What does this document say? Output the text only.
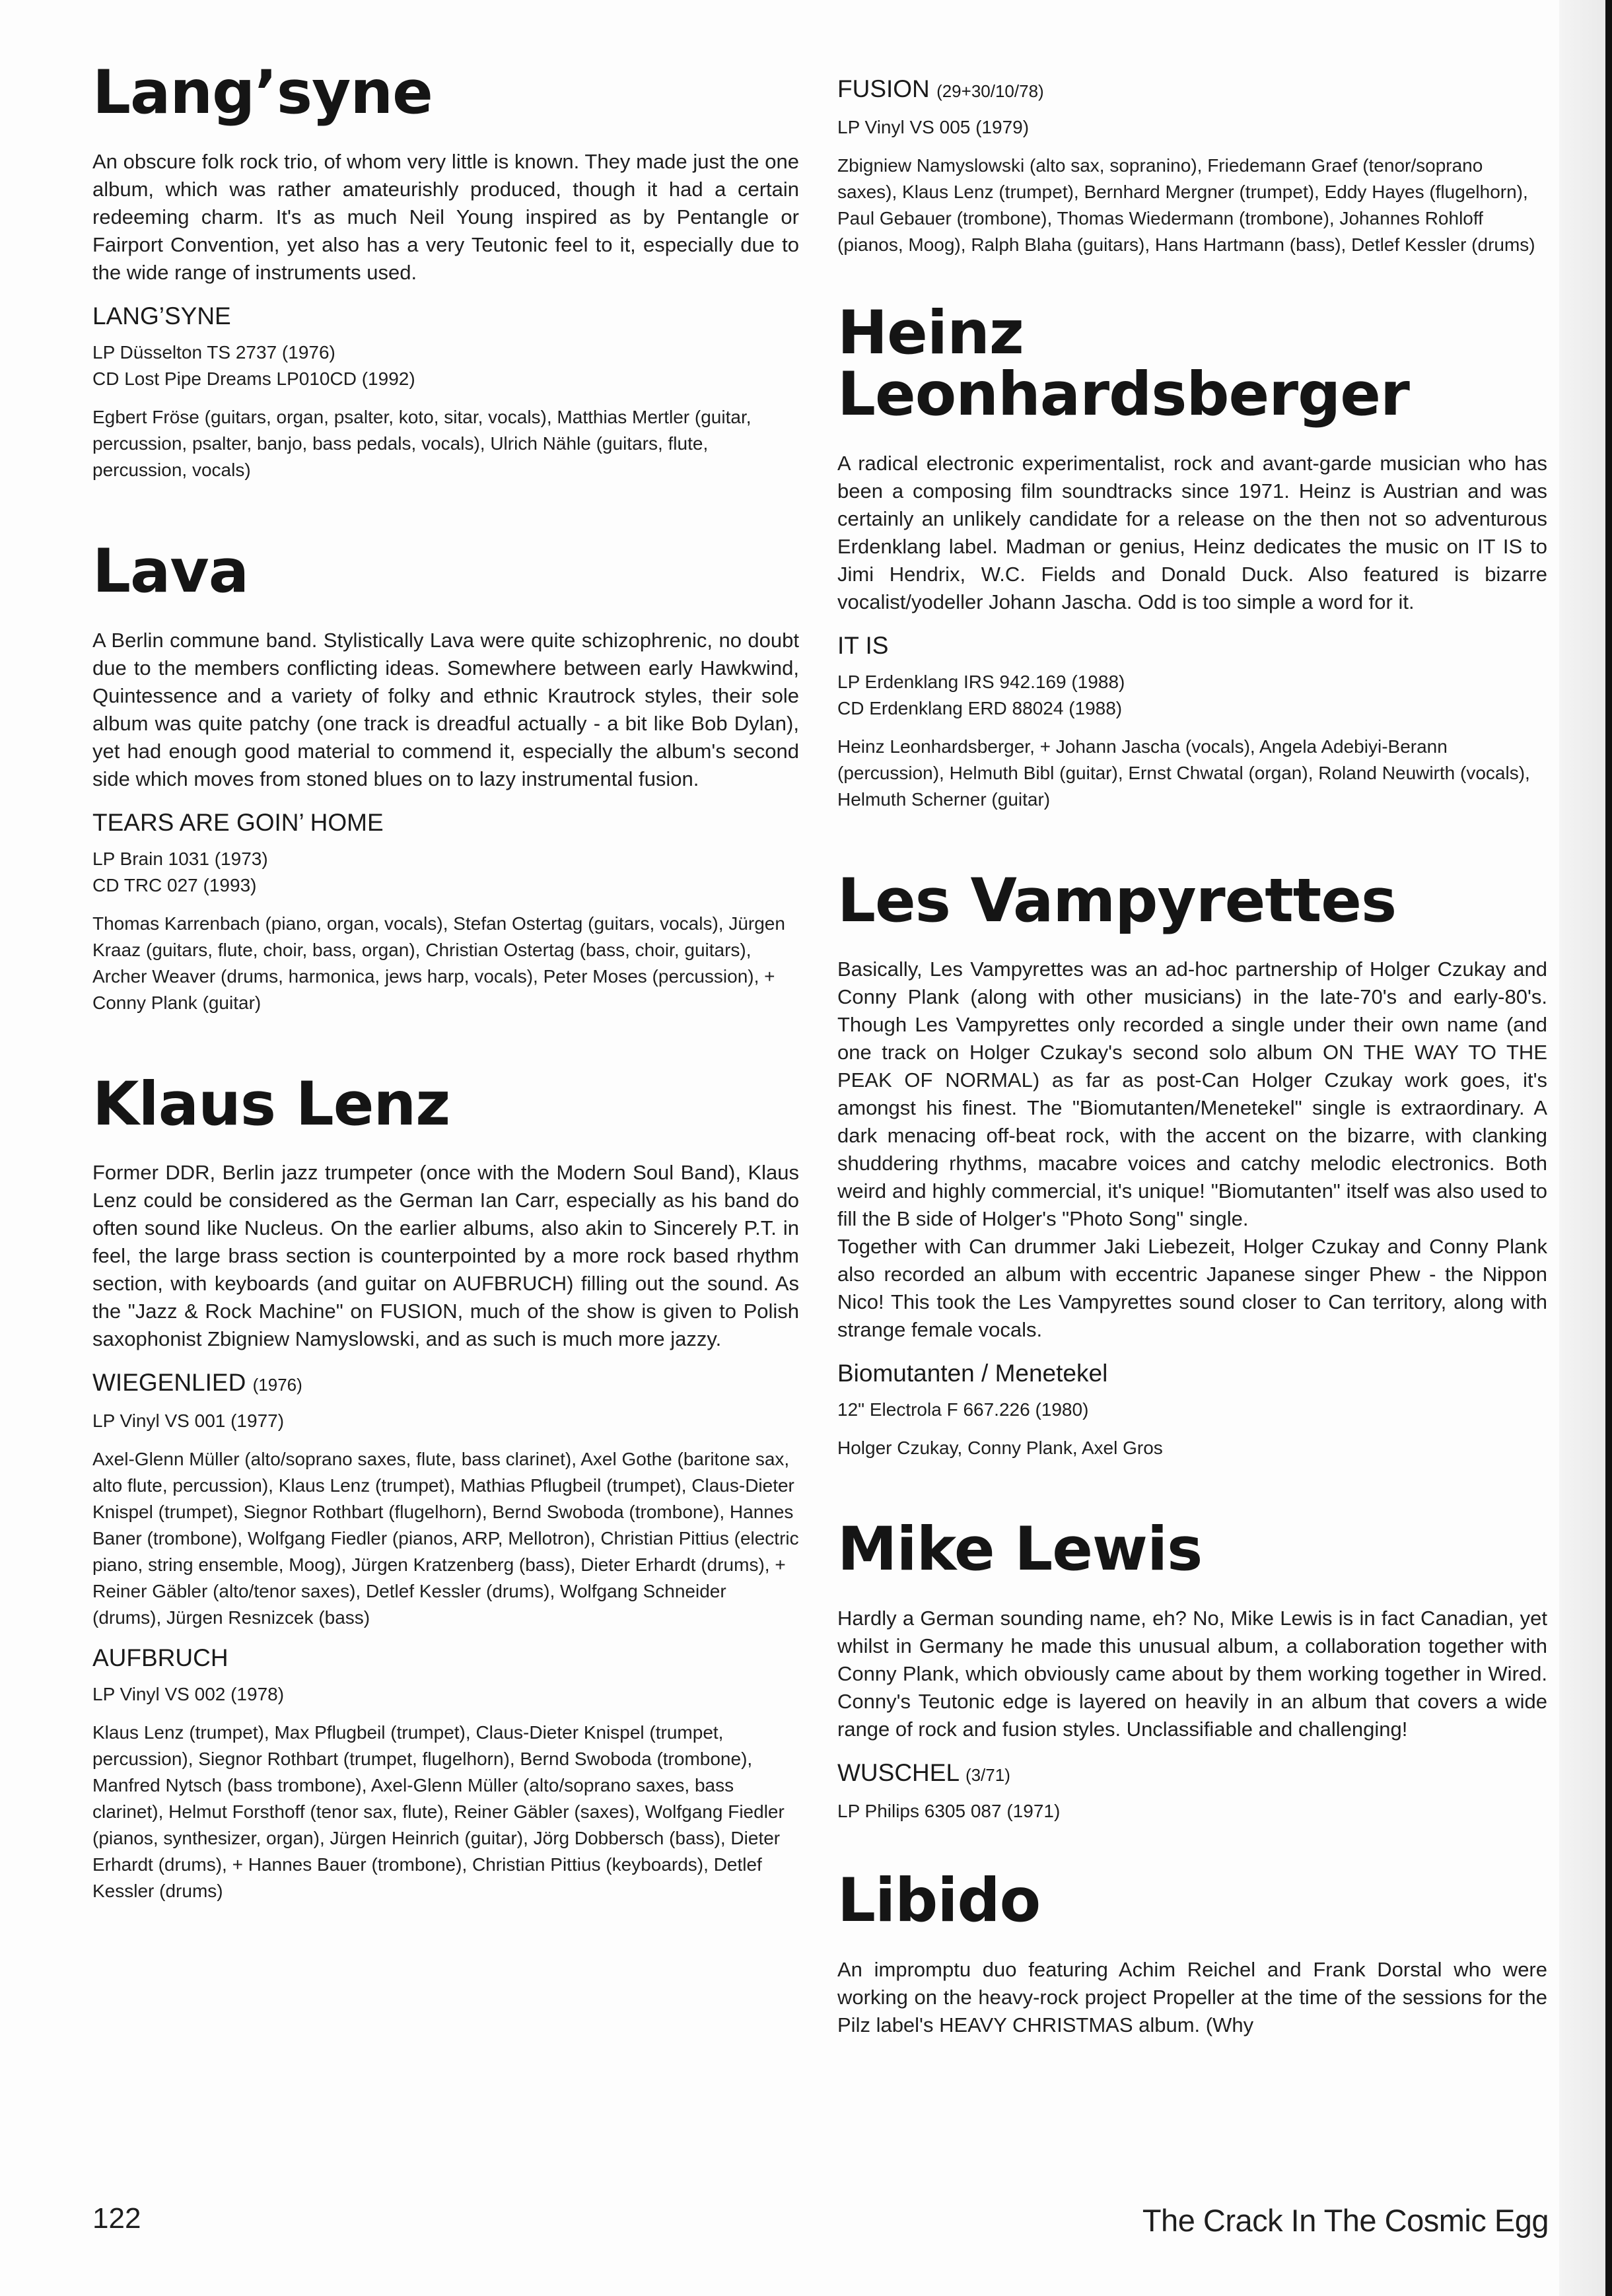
Lang’syne

An obscure folk rock trio, of whom very little is known. They made just the one album, which was rather amateurishly produced, though it had a certain redeeming charm. It's as much Neil Young inspired as by Pentangle or Fairport Convention, yet also has a very Teutonic feel to it, especially due to the wide range of instruments used.

LANG’SYNE

LP Düsselton TS 2737 (1976)

CD Lost Pipe Dreams LP010CD (1992)

Egbert Fröse (guitars, organ, psalter, koto, sitar, vocals), Matthias Mertler (guitar, percussion, psalter, banjo, bass pedals, vocals), Ulrich Nähle (guitars, flute, percussion, vocals)

Lava

A Berlin commune band. Stylistically Lava were quite schizophrenic, no doubt due to the members conflicting ideas. Somewhere between early Hawkwind, Quintessence and a variety of folky and ethnic Krautrock styles, their sole album was quite patchy (one track is dreadful actually - a bit like Bob Dylan), yet had enough good material to commend it, especially the album's second side which moves from stoned blues on to lazy instrumental fusion.

TEARS ARE GOIN’ HOME

LP Brain 1031 (1973)

CD TRC 027 (1993)

Thomas Karrenbach (piano, organ, vocals), Stefan Ostertag (guitars, vocals), Jürgen Kraaz (guitars, flute, choir, bass, organ), Christian Ostertag (bass, choir, guitars), Archer Weaver (drums, harmonica, jews harp, vocals), Peter Moses (percussion), + Conny Plank (guitar)

Klaus Lenz

Former DDR, Berlin jazz trumpeter (once with the Modern Soul Band), Klaus Lenz could be considered as the German Ian Carr, especially as his band do often sound like Nucleus. On the earlier albums, also akin to Sincerely P.T. in feel, the large brass section is counterpointed by a more rock based rhythm section, with keyboards (and guitar on AUFBRUCH) filling out the sound. As the "Jazz & Rock Machine" on FUSION, much of the show is given to Polish saxophonist Zbigniew Namyslowski, and as such is much more jazzy.

WIEGENLIED (1976)

LP Vinyl VS 001 (1977)

Axel-Glenn Müller (alto/soprano saxes, flute, bass clarinet), Axel Gothe (baritone sax, alto flute, percussion), Klaus Lenz (trumpet), Mathias Pflugbeil (trumpet), Claus-Dieter Knispel (trumpet), Siegnor Rothbart (flugelhorn), Bernd Swoboda (trombone), Hannes Baner (trombone), Wolfgang Fiedler (pianos, ARP, Mellotron), Christian Pittius (electric piano, string ensemble, Moog), Jürgen Kratzenberg (bass), Dieter Erhardt (drums), + Reiner Gäbler (alto/tenor saxes), Detlef Kessler (drums), Wolfgang Schneider (drums), Jürgen Resnizcek (bass)

AUFBRUCH

LP Vinyl VS 002 (1978)

Klaus Lenz (trumpet), Max Pflugbeil (trumpet), Claus-Dieter Knispel (trumpet, percussion), Siegnor Rothbart (trumpet, flugelhorn), Bernd Swoboda (trombone), Manfred Nytsch (bass trombone), Axel-Glenn Müller (alto/soprano saxes, bass clarinet), Helmut Forsthoff (tenor sax, flute), Reiner Gäbler (saxes), Wolfgang Fiedler (pianos, synthesizer, organ), Jürgen Heinrich (guitar), Jörg Dobbersch (bass), Dieter Erhardt (drums), + Hannes Bauer (trombone), Christian Pittius (keyboards), Detlef Kessler (drums)

FUSION (29+30/10/78)

LP Vinyl VS 005 (1979)

Zbigniew Namyslowski (alto sax, sopranino), Friedemann Graef (tenor/soprano saxes), Klaus Lenz (trumpet), Bernhard Mergner (trumpet), Eddy Hayes (flugelhorn), Paul Gebauer (trombone), Thomas Wiedermann (trombone), Johannes Rohloff (pianos, Moog), Ralph Blaha (guitars), Hans Hartmann (bass), Detlef Kessler (drums)

Heinz Leonhardsberger

A radical electronic experimentalist, rock and avant-garde musician who has been a composing film soundtracks since 1971. Heinz is Austrian and was certainly an unlikely candidate for a release on the then not so adventurous Erdenklang label. Madman or genius, Heinz dedicates the music on IT IS to Jimi Hendrix, W.C. Fields and Donald Duck. Also featured is bizarre vocalist/yodeller Johann Jascha. Odd is too simple a word for it.

IT IS

LP Erdenklang IRS 942.169 (1988)

CD Erdenklang ERD 88024 (1988)

Heinz Leonhardsberger, + Johann Jascha (vocals), Angela Adebiyi-Berann (percussion), Helmuth Bibl (guitar), Ernst Chwatal (organ), Roland Neuwirth (vocals), Helmuth Scherner (guitar)

Les Vampyrettes

Basically, Les Vampyrettes was an ad-hoc partnership of Holger Czukay and Conny Plank (along with other musicians) in the late-70's and early-80's. Though Les Vampyrettes only recorded a single under their own name (and one track on Holger Czukay's second solo album ON THE WAY TO THE PEAK OF NORMAL) as far as post-Can Holger Czukay work goes, it's amongst his finest. The "Biomutanten/Menetekel" single is extraordinary. A dark menacing off-beat rock, with the accent on the bizarre, with clanking shuddering rhythms, macabre voices and catchy melodic electronics. Both weird and highly commercial, it's unique! "Biomutanten" itself was also used to fill the B side of Holger's "Photo Song" single.

Together with Can drummer Jaki Liebezeit, Holger Czukay and Conny Plank also recorded an album with eccentric Japanese singer Phew - the Nippon Nico! This took the Les Vampyrettes sound closer to Can territory, along with strange female vocals.

Biomutanten / Menetekel

12" Electrola F 667.226 (1980)

Holger Czukay, Conny Plank, Axel Gros

Mike Lewis

Hardly a German sounding name, eh? No, Mike Lewis is in fact Canadian, yet whilst in Germany he made this unusual album, a collaboration together with Conny Plank, which obviously came about by them working together in Wired. Conny's Teutonic edge is layered on heavily in an album that covers a wide range of rock and fusion styles. Unclassifiable and challenging!

WUSCHEL (3/71)

LP Philips 6305 087 (1971)

Libido

An impromptu duo featuring Achim Reichel and Frank Dorstal who were working on the heavy-rock project Propeller at the time of the sessions for the Pilz label's HEAVY CHRISTMAS album. (Why

122	The Crack In The Cosmic Egg
